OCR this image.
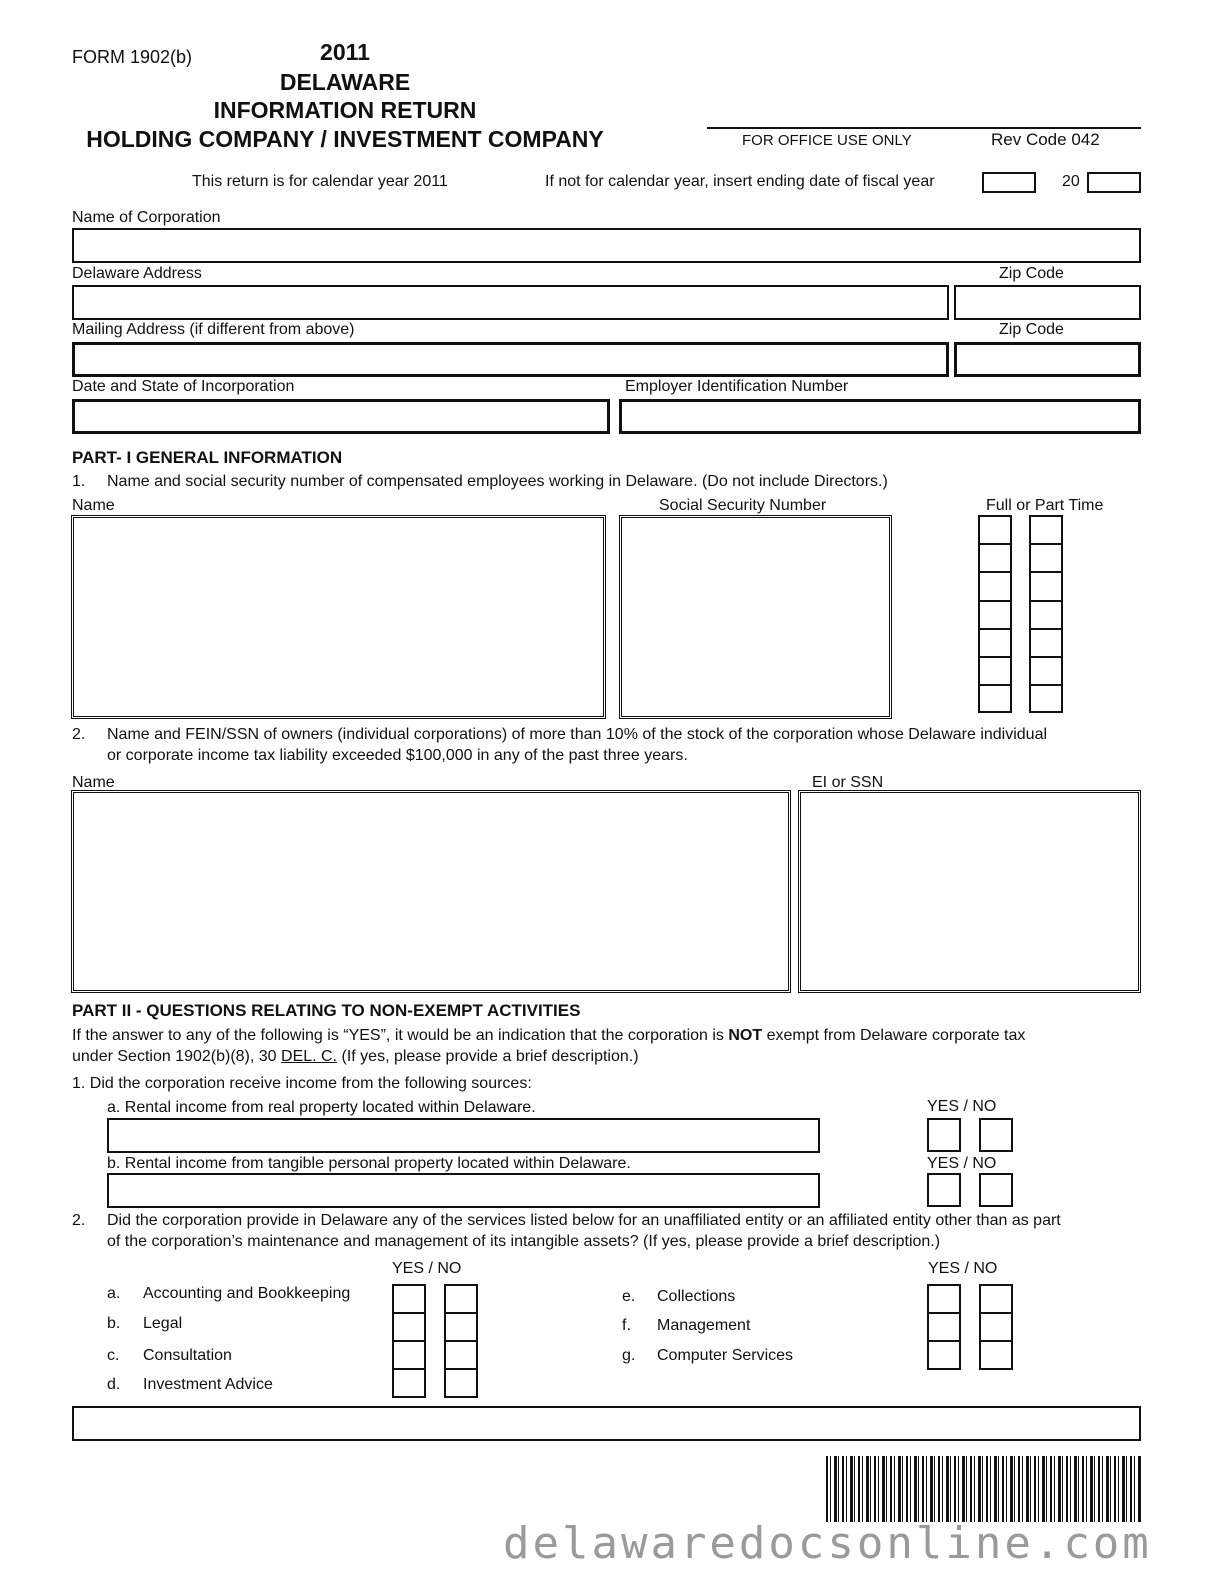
FORM 1902(b)	2011
DELAWARE
INFORMATION RETURN
HOLDING COMPANY / INVESTMENT COMPANY	FOR OFFICE USE ONLY	Rev Code 042
This return is for calendar year 2011	If not for calendar year, insert ending date of fiscal year	20
Name of Corporation
Delaware Address	Zip Code
Mailing Address (if different from above)	Zip Code
Date and State of Incorporation	Employer Identification Number
PART- I GENERAL INFORMATION
1. Name and social security number of compensated employees working in Delaware. (Do not include Directors.)
Name	Social Security Number	Full or Part Time
2. Name and FEIN/SSN of owners (individual corporations) of more than 10% of the stock of the corporation whose Delaware individual
or corporate income tax liability exceeded $100,000 in any of the past three years.
Name	EI or SSN
PART II - QUESTIONS RELATING TO NON-EXEMPT ACTIVITIES
If the answer to any of the following is “YES”, it would be an indication that the corporation is NOT exempt from Delaware corporate tax
under Section 1902(b)(8), 30 DEL. C. (If yes, please provide a brief description.)
1. Did the corporation receive income from the following sources:
a. Rental income from real property located within Delaware.	YES / NO
b. Rental income from tangible personal property located within Delaware.	YES / NO
2. Did the corporation provide in Delaware any of the services listed below for an unaffiliated entity or an affiliated entity other than as part
of the corporation’s maintenance and management of its intangible assets? (If yes, please provide a brief description.)
YES / NO	YES / NO
a. Accounting and Bookkeeping
b. Legal
c. Consultation
d. Investment Advice
e. Collections
f. Management
g. Computer Services
delawaredocsonline.com
